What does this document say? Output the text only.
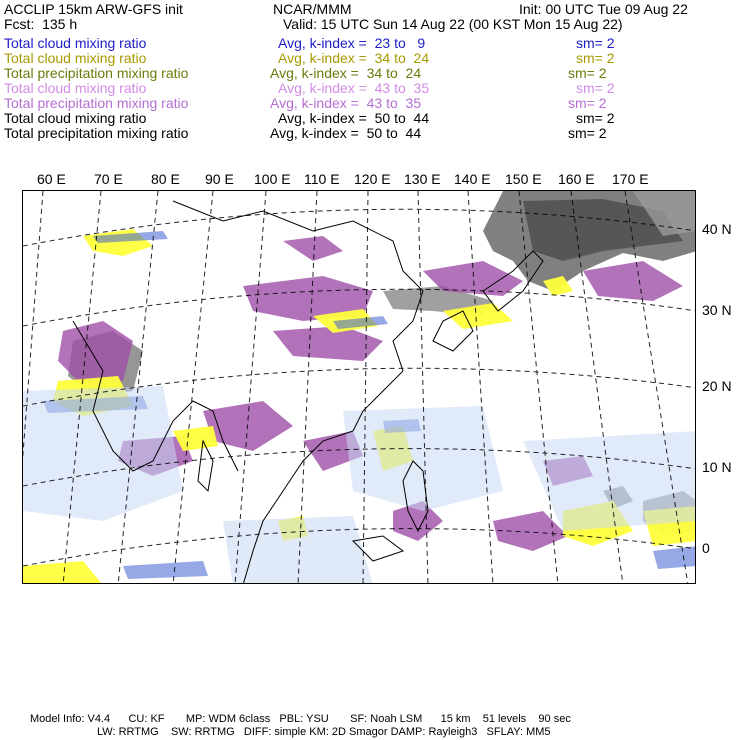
ACCLIP 15km ARW-GFS init	NCAR/MMM	Init: 00 UTC Tue 09 Aug 22
Fcst:  135 h	Valid: 15 UTC Sun 14 Aug 22 (00 KST Mon 15 Aug 22)
Total cloud mixing ratio	Avg, k-index =  23 to   9	sm= 2
Total cloud mixing ratio	Avg, k-index =  34 to  24	sm= 2
Total precipitation mixing ratio	Avg, k-index =  34 to  24	sm= 2
Total cloud mixing ratio	Avg, k-index =  43 to  35	sm= 2
Total precipitation mixing ratio	Avg, k-index =  43 to  35	sm= 2
Total cloud mixing ratio	Avg, k-index =  50 to  44	sm= 2
Total precipitation mixing ratio	Avg, k-index =  50 to  44	sm= 2
60 E 70 E 80 E 90 E 100 E 110 E 120 E 130 E 140 E 150 E 160 E 170 E
40 N
30 N
20 N
10 N
0
Model Info: V4.4      CU: KF       MP: WDM 6class   PBL: YSU       SF: Noah LSM      15 km    51 levels    90 sec
LW: RRTMG    SW: RRTMG   DIFF: simple KM: 2D Smagor DAMP: Rayleigh3   SFLAY: MM5
